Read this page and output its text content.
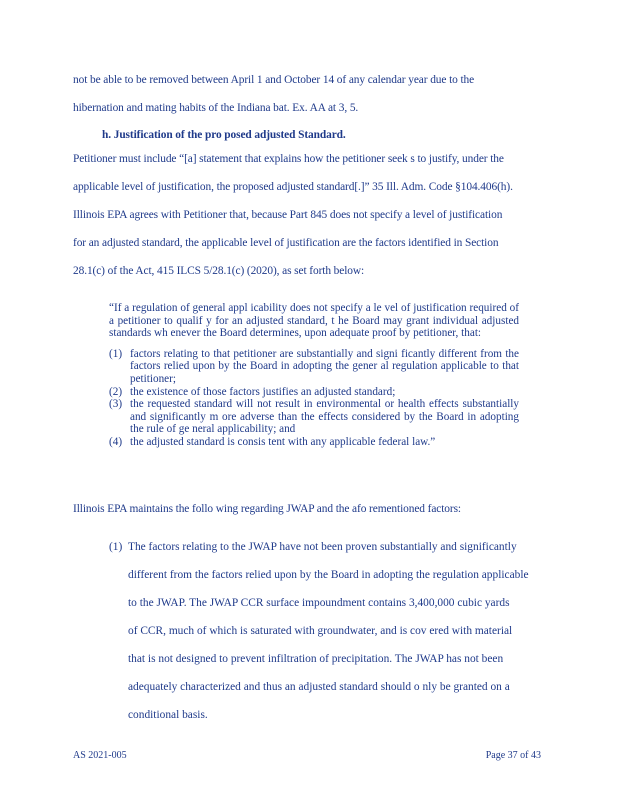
not be able to be removed between April 1 and October 14 of any calendar year due to the
hibernation and mating habits of the Indiana bat. Ex. AA at 3, 5.
h. Justification of the pro posed adjusted Standard.
Petitioner must include “[a] statement that explains how the petitioner seek s to justify, under the
applicable level of justification, the proposed adjusted standard[.]” 35 Ill. Adm. Code §104.406(h).
Illinois EPA agrees with Petitioner that, because Part 845 does not specify a level of justification
for an adjusted standard, the applicable level of justification are the factors identified in Section
28.1(c) of the Act, 415 ILCS 5/28.1(c) (2020), as set forth below:

“If a regulation of general appl icability does not specify a le vel of justification required of a petitioner to qualif y for an adjusted standard, t he Board may grant individual adjusted standards wh enever the Board determines, upon adequate proof by petitioner, that:

(1) factors relating to that petitioner are substantially and signi ficantly different from the factors relied upon by the Board in adopting the gener al regulation applicable to that petitioner;
(2) the existence of those factors justifies an adjusted standard;
(3) the requested standard will not result in environmental or health effects substantially and significantly m ore adverse than the effects considered by the Board in adopting the rule of ge neral applicability; and
(4) the adjusted standard is consis tent with any applicable federal law.”
Illinois EPA maintains the follo wing regarding JWAP and the afo rementioned factors:
(1) The factors relating to the JWAP have not been proven substantially and significantly
different from the factors relied upon by the Board in adopting the regulation applicable
to the JWAP. The JWAP CCR surface impoundment contains 3,400,000 cubic yards
of CCR, much of which is saturated with groundwater, and is cov ered with material
that is not designed to prevent infiltration of precipitation. The JWAP has not been
adequately characterized and thus an adjusted standard should o nly be granted on a
conditional basis.
AS 2021-005	Page 37 of 43
